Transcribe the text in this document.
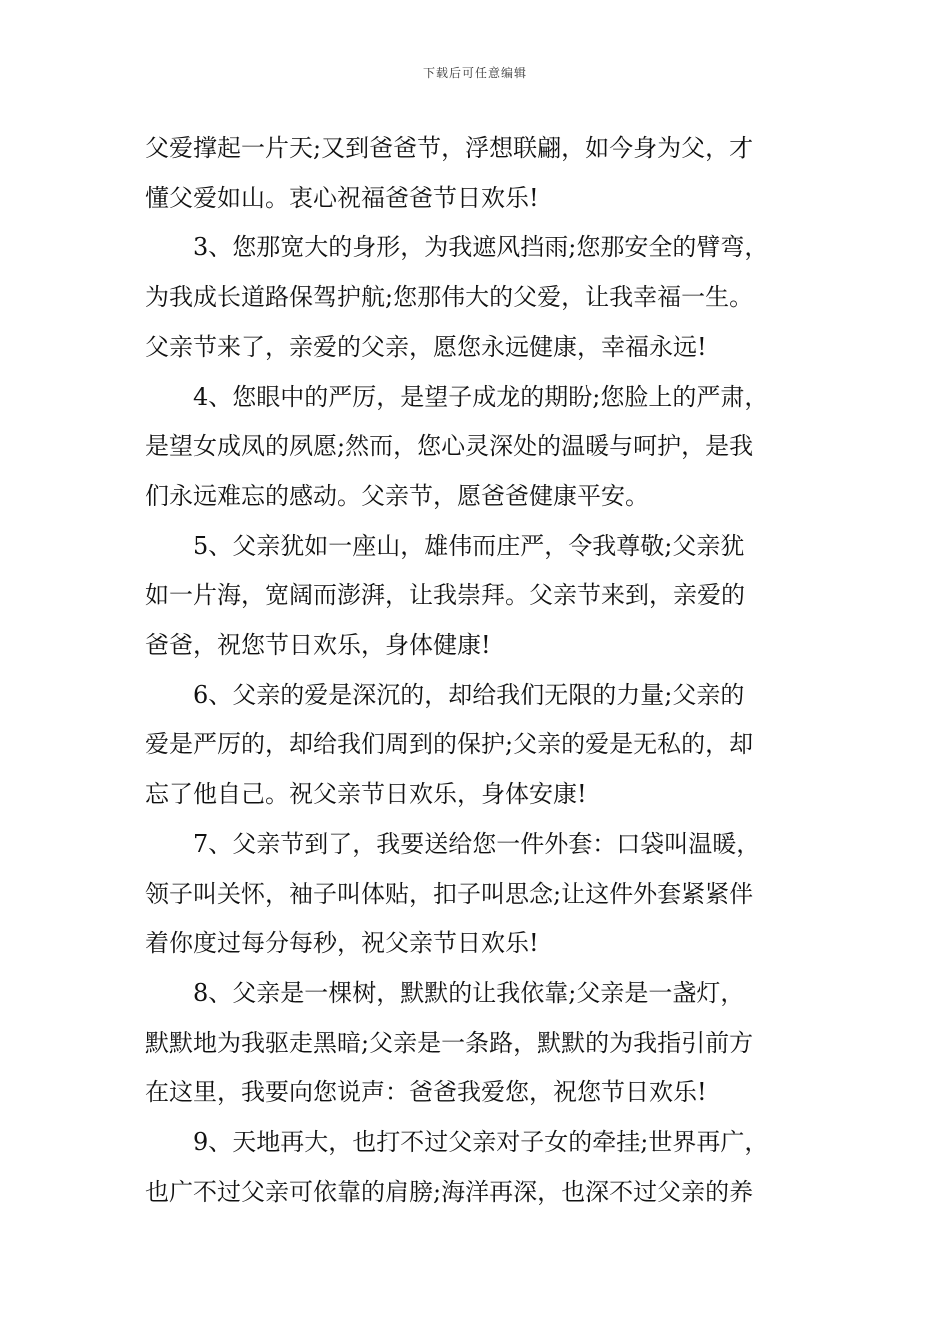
下载后可任意编辑

父爱撑起一片天;又到爸爸节，浮想联翩，如今身为父，才
懂父爱如山。衷心祝福爸爸节日欢乐!

3、您那宽大的身形，为我遮风挡雨;您那安全的臂弯，
为我成长道路保驾护航;您那伟大的父爱，让我幸福一生。
父亲节来了，亲爱的父亲，愿您永远健康，幸福永远!

4、您眼中的严厉，是望子成龙的期盼;您脸上的严肃，
是望女成凤的夙愿;然而，您心灵深处的温暖与呵护，是我
们永远难忘的感动。父亲节，愿爸爸健康平安。

5、父亲犹如一座山，雄伟而庄严，令我尊敬;父亲犹
如一片海，宽阔而澎湃，让我崇拜。父亲节来到，亲爱的
爸爸，祝您节日欢乐，身体健康!

6、父亲的爱是深沉的，却给我们无限的力量;父亲的
爱是严厉的，却给我们周到的保护;父亲的爱是无私的，却
忘了他自己。祝父亲节日欢乐，身体安康!

7、父亲节到了，我要送给您一件外套：口袋叫温暖，
领子叫关怀，袖子叫体贴，扣子叫思念;让这件外套紧紧伴
着你度过每分每秒，祝父亲节日欢乐!

8、父亲是一棵树，默默的让我依靠;父亲是一盏灯，
默默地为我驱走黑暗;父亲是一条路，默默的为我指引前方
在这里，我要向您说声：爸爸我爱您，祝您节日欢乐!

9、天地再大，也打不过父亲对子女的牵挂;世界再广，
也广不过父亲可依靠的肩膀;海洋再深，也深不过父亲的养
